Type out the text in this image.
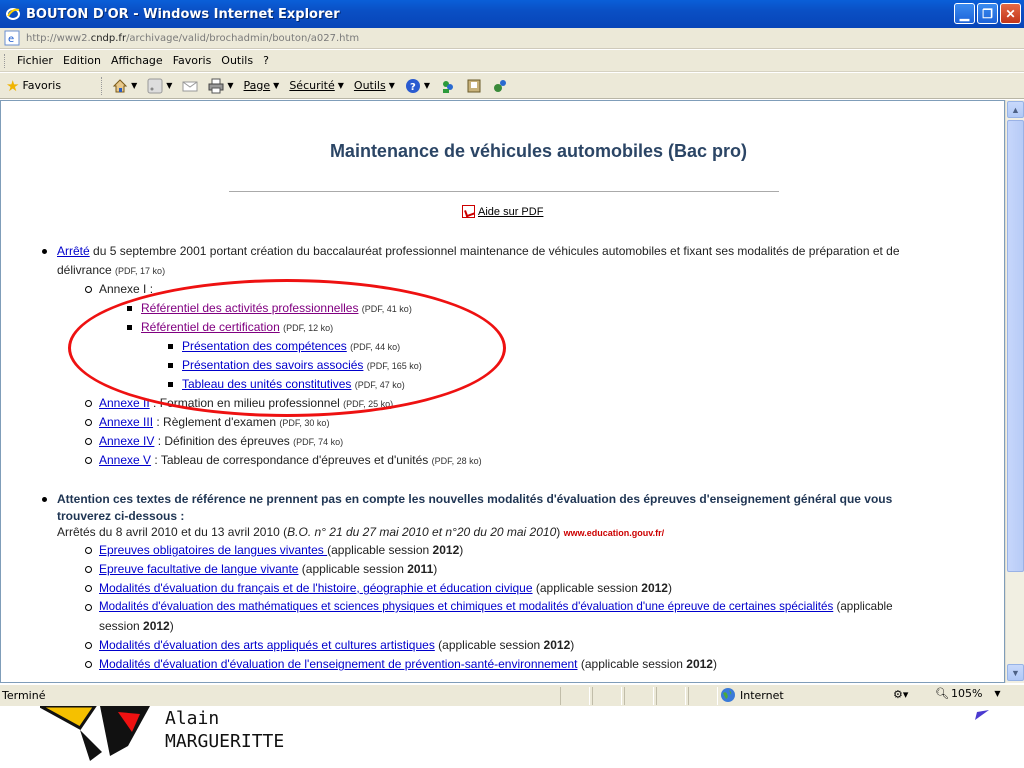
BOUTON D'OR - Windows Internet Explorer	▁ ❐ ✕
e http://www2.cndp.fr/archivage/valid/brochadmin/bouton/a027.htm
Fichier Edition Affichage Favoris Outils ?
★ Favoris	▼	▼	▼ Page ▼ Sécurité ▼ Outils ▼ ? ▼
Maintenance de véhicules automobiles (Bac pro)
Aide sur PDF
Arrêté du 5 septembre 2001 portant création du baccalauréat professionnel maintenance de véhicules automobiles et fixant ses modalités de préparation et de
délivrance (PDF, 17 ko)
Annexe I :
Référentiel des activités professionnelles (PDF, 41 ko)
Référentiel de certification (PDF, 12 ko)
Présentation des compétences (PDF, 44 ko)
Présentation des savoirs associés (PDF, 165 ko)
Tableau des unités constitutives (PDF, 47 ko)
Annexe II : Formation en milieu professionnel (PDF, 25 ko)
Annexe III : Règlement d'examen (PDF, 30 ko)
Annexe IV : Définition des épreuves (PDF, 74 ko)
Annexe V : Tableau de correspondance d'épreuves et d'unités (PDF, 28 ko)
Attention ces textes de référence ne prennent pas en compte les nouvelles modalités d'évaluation des épreuves d'enseignement général que vous
trouverez ci-dessous :
Arrêtés du 8 avril 2010 et du 13 avril 2010 (B.O. n° 21 du 27 mai 2010 et n°20 du 20 mai 2010) www.education.gouv.fr/
Epreuves obligatoires de langues vivantes (applicable session 2012)
Epreuve facultative de langue vivante (applicable session 2011)
Modalités d'évaluation du français et de l'histoire, géographie et éducation civique (applicable session 2012)
Modalités d'évaluation des mathématiques et sciences physiques et chimiques et modalités d'évaluation d'une épreuve de certaines spécialités (applicable
session 2012)
Modalités d'évaluation des arts appliqués et cultures artistiques (applicable session 2012)
Modalités d'évaluation d'évaluation de l'enseignement de prévention-santé-environnement (applicable session 2012)
▲
▼
Terminé	Internet	⚙▾ 🔍︎ 105% ▼
Alain
MARGUERITTE
